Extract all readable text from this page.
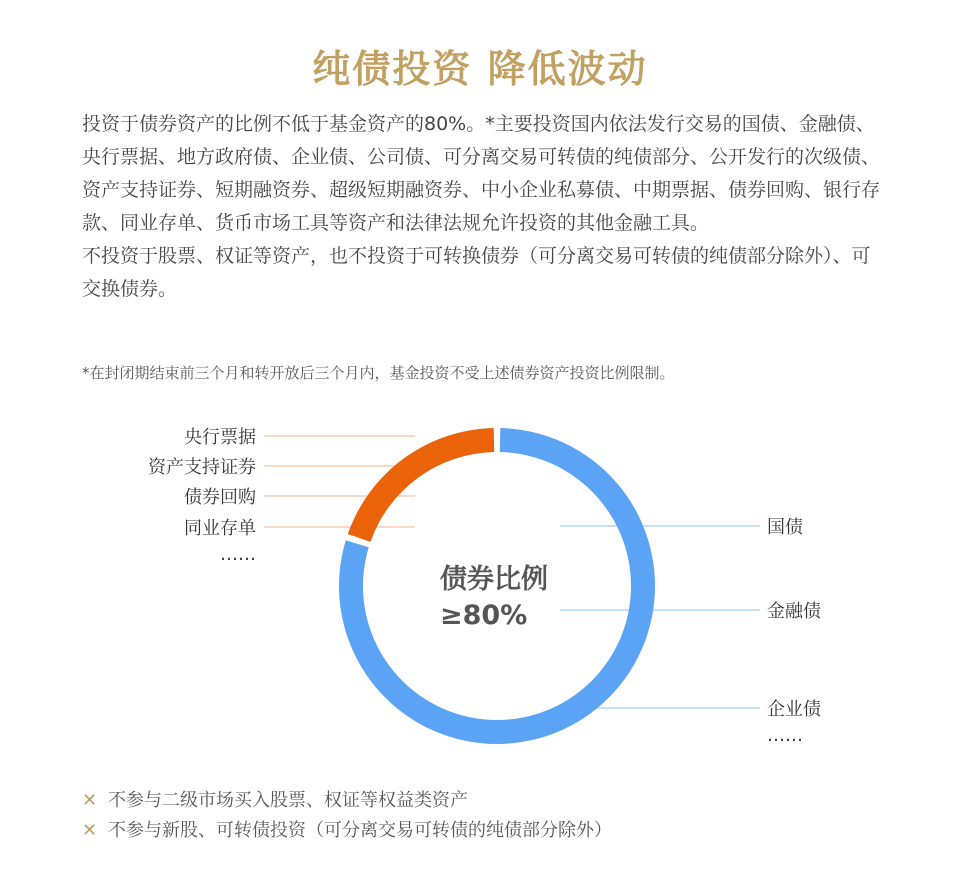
纯债投资 降低波动

投资于债券资产的比例不低于基金资产的80%。*主要投资国内依法发行交易的国债、金融债、央行票据、地方政府债、企业债、公司债、可分离交易可转债的纯债部分、公开发行的次级债、资产支持证券、短期融资券、超级短期融资券、中小企业私募债、中期票据、债券回购、银行存款、同业存单、货币市场工具等资产和法律法规允许投资的其他金融工具。

不投资于股票、权证等资产，也不投资于可转换债券（可分离交易可转债的纯债部分除外）、可交换债券。

*在封闭期结束前三个月和转开放后三个月内，基金投资不受上述债券资产投资比例限制。
债券比例
≥80%
央行票据
资产支持证券
债券回购
同业存单
……
国债
金融债
企业债
……
✕ 不参与二级市场买入股票、权证等权益类资产
✕ 不参与新股、可转债投资（可分离交易可转债的纯债部分除外）
